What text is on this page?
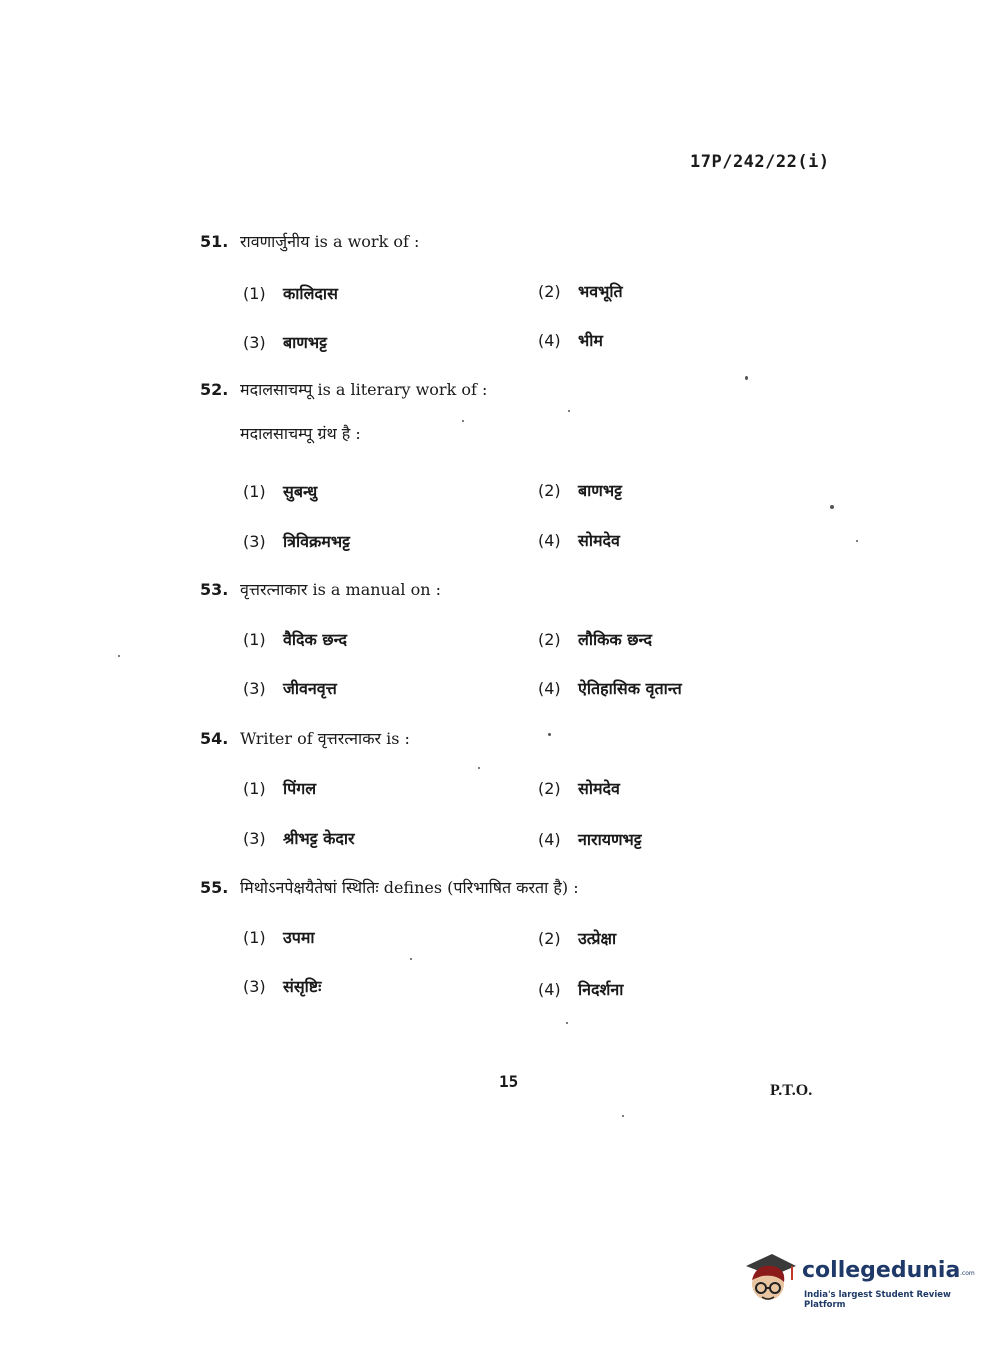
17P/242/22(i)
51. रावणार्जुनीय is a work of :
(1) कालिदास	(2) भवभूति
(3) बाणभट्ट	(4) भीम
52. मदालसाचम्पू is a literary work of :
मदालसाचम्पू ग्रंथ है :
(1) सुबन्धु	(2) बाणभट्ट
(3) त्रिविक्रमभट्ट	(4) सोमदेव
53. वृत्तरत्नाकार is a manual on :
(1) वैदिक छन्द	(2) लौकिक छन्द
(3) जीवनवृत्त	(4) ऐतिहासिक वृतान्त
54. Writer of वृत्तरत्नाकर is :
(1) पिंगल	(2) सोमदेव
(3) श्रीभट्ट केदार	(4) नारायणभट्ट
55. मिथोऽनपेक्षयैतेषां स्थितिः defines (परिभाषित करता है) :
(1) उपमा	(2) उत्प्रेक्षा
(3) संसृष्टिः	(4) निदर्शना
15	P.T.O.
collegedunia .com
India's largest Student Review Platform
